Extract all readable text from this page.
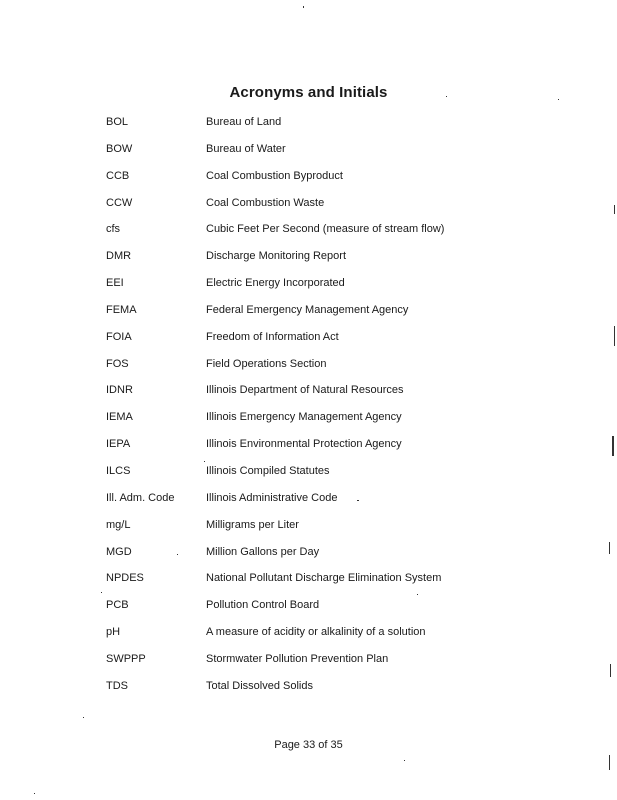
Acronyms and Initials
BOL	Bureau of Land
BOW	Bureau of Water
CCB	Coal Combustion Byproduct
CCW	Coal Combustion Waste
cfs	Cubic Feet Per Second (measure of stream flow)
DMR	Discharge Monitoring Report
EEI	Electric Energy Incorporated
FEMA	Federal Emergency Management Agency
FOIA	Freedom of Information Act
FOS	Field Operations Section
IDNR	Illinois Department of Natural Resources
IEMA	Illinois Emergency Management Agency
IEPA	Illinois Environmental Protection Agency
ILCS	Illinois Compiled Statutes
Ill. Adm. Code	Illinois Administrative Code
mg/L	Milligrams per Liter
MGD	Million Gallons per Day
NPDES	National Pollutant Discharge Elimination System
PCB	Pollution Control Board
pH	A measure of acidity or alkalinity of a solution
SWPPP	Stormwater Pollution Prevention Plan
TDS	Total Dissolved Solids
Page 33 of 35
